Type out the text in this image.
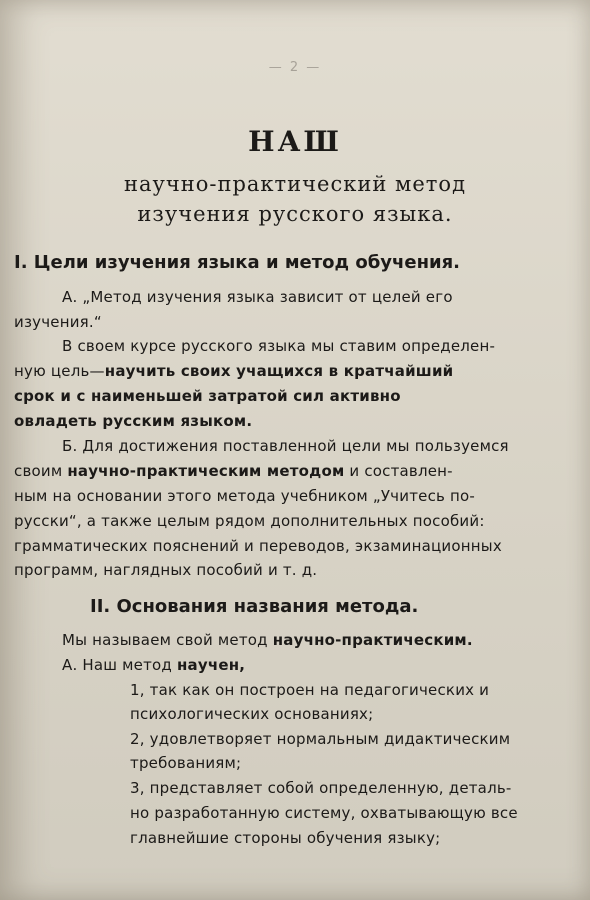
— 2 —
НАШ
научно-практический метод
изучения русского языка.
I. Цели изучения языка и метод обучения.
А. „Метод изучения языка зависит от целей его
изучения.“
В своем курсе русского языка мы ставим определен-
ную цель—научить своих учащихся в кратчайший
срок и с наименьшей затратой сил активно
овладеть русским языком.
Б. Для достижения поставленной цели мы пользуемся
своим научно-практическим методом и составлен-
ным на основании этого метода учебником „Учитесь по-
русски“, а также целым рядом дополнительных пособий:
грамматических пояснений и переводов, экзаминационных
программ, наглядных пособий и т. д.
II. Основания названия метода.
Мы называем свой метод научно-практическим.
А. Наш метод научен,
1, так как он построен на педагогических и
психологических основаниях;
2, удовлетворяет нормальным дидактическим
требованиям;
3, представляет собой определенную, деталь-
но разработанную систему, охватывающую все
главнейшие стороны обучения языку;
